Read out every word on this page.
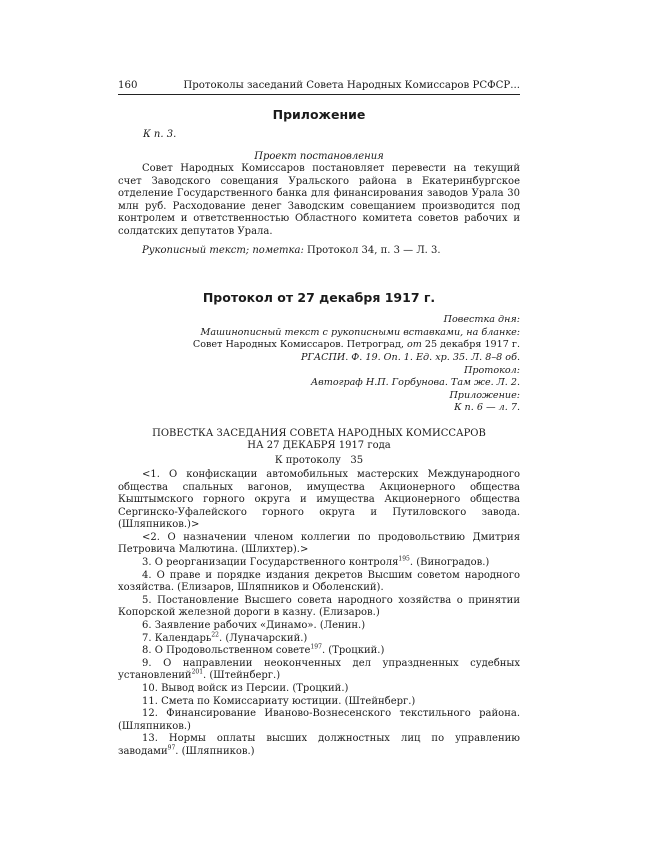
160	Протоколы заседаний Совета Народных Комиссаров РСФСР...

Приложение

К п. 3.
Проект постановления

Совет Народных Комиссаров постановляет перевести на текущий счет Заводского совещания Уральского района в Екатеринбургское отделение Государственного банка для финансирования заводов Урала 30 млн руб. Расходование денег Заводским совещанием производится под контролем и ответственностью Областного комитета советов рабочих и солдатских депутатов Урала.

Рукописный текст; пометка: Протокол 34, п. 3 — Л. 3.

Протокол от 27 декабря 1917 г.

Повестка дня:
Машинописный текст с рукописными вставками, на бланке:
Совет Народных Комиссаров. Петроград, от 25 декабря 1917 г.
РГАСПИ. Ф. 19. Оп. 1. Ед. хр. 35. Л. 8–8 об.
Протокол:
Автограф Н.П. Горбунова. Там же. Л. 2.
Приложение:
К п. 6 — л. 7.
ПОВЕСТКА ЗАСЕДАНИЯ СОВЕТА НАРОДНЫХ КОМИССАРОВ
НА 27 ДЕКАБРЯ 1917 года
К протоколу   35

<1. О конфискации автомобильных мастерских Международного общества спальных вагонов, имущества Акционерного общества Кыштымского горного округа и имущества Акционерного общества Сергинско-Уфалейского горного округа и Путиловского завода. (Шляпников.)>

<2. О назначении членом коллегии по продовольствию Дмитрия Петровича Малютина. (Шлихтер).>

3. О реорганизации Государственного контроля$^{195}$. (Виноградов.)

4. О праве и порядке издания декретов Высшим советом народного хозяйства. (Елизаров, Шляпников и Оболенский).

5. Постановление Высшего совета народного хозяйства о принятии Копорской железной дороги в казну. (Елизаров.)

6. Заявление рабочих «Динамо». (Ленин.)

7. Календарь$^{22}$. (Луначарский.)

8. О Продовольственном совете$^{197}$. (Троцкий.)

9. О направлении неоконченных дел упраздненных судебных установлений$^{201}$. (Штейнберг.)

10. Вывод войск из Персии. (Троцкий.)

11. Смета по Комиссариату юстиции. (Штейнберг.)

12. Финансирование Иваново-Вознесенского текстильного района. (Шляпников.)

13. Нормы оплаты высших должностных лиц по управлению заводами$^{97}$. (Шляпников.)
